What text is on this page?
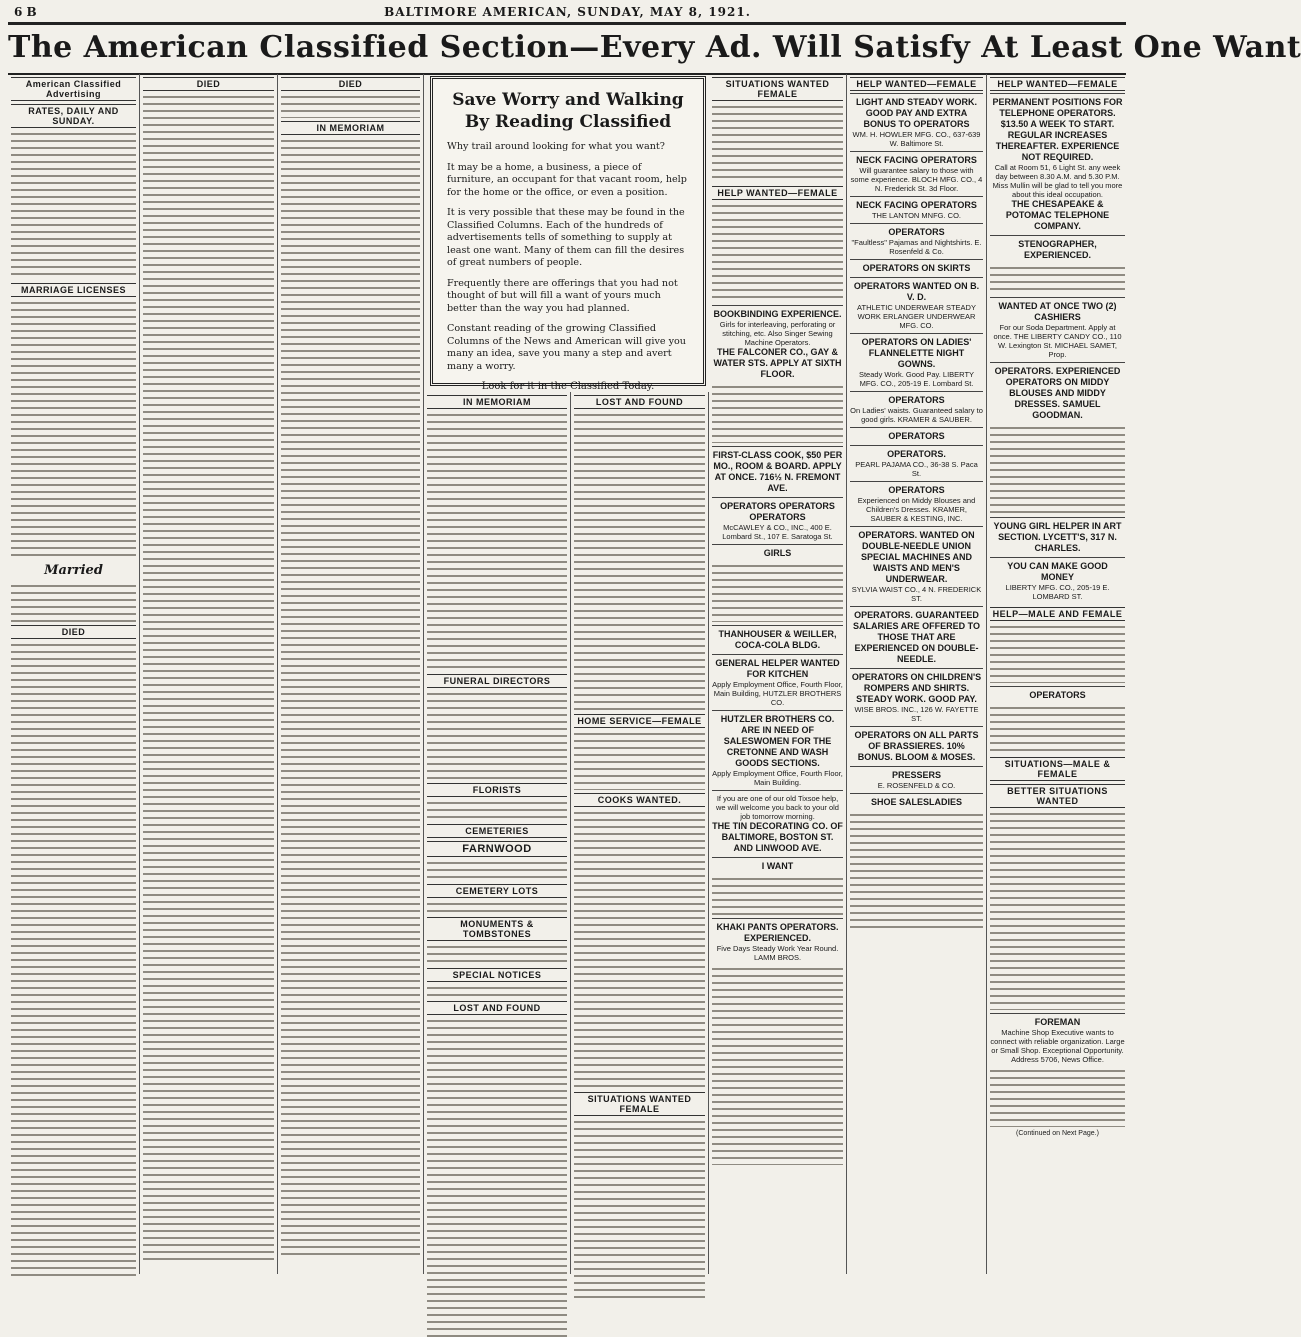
6 B	BALTIMORE AMERICAN, SUNDAY, MAY 8, 1921.
The American Classified Section—Every Ad. Will Satisfy At Least One Want
American Classified Advertising
RATES, DAILY AND SUNDAY.
MARRIAGE LICENSES
Married
DIED
DIED	DIED
IN MEMORIAM
Save Worry and Walking By Reading Classified

Why trail around looking for what you want?

It may be a home, a business, a piece of furniture, an occupant for that vacant room, help for the home or the office, or even a position.

It is very possible that these may be found in the Classified Columns. Each of the hundreds of advertisements tells of something to supply at least one want. Many of them can fill the desires of great numbers of people.

Frequently there are offerings that you had not thought of but will fill a want of yours much better than the way you had planned.

Constant reading of the growing Classified Columns of the News and American will give you many an idea, save you many a step and avert many a worry.

Look for it in the Classified Today.

IN MEMORIAM
FUNERAL DIRECTORS
FLORISTS
CEMETERIES
FARNWOOD
CEMETERY LOTS
MONUMENTS & TOMBSTONES
SPECIAL NOTICES
LOST AND FOUND
LOST AND FOUND
HOME SERVICE—FEMALE
COOKS WANTED.
SITUATIONS WANTED FEMALE
SITUATIONS WANTED FEMALE
HELP WANTED—FEMALE
BOOKBINDING EXPERIENCE.
Girls for interleaving, perforating or stitching, etc. Also Singer Sewing Machine Operators.
THE FALCONER CO., GAY & WATER STS. APPLY AT SIXTH FLOOR.
FIRST-CLASS COOK, $50 PER MO., ROOM & BOARD. APPLY AT ONCE. 716½ N. FREMONT AVE.
OPERATORS OPERATORS OPERATORS
McCAWLEY & CO., INC., 400 E. Lombard St., 107 E. Saratoga St.
GIRLS
THANHOUSER & WEILLER, COCA-COLA BLDG.
GENERAL HELPER WANTED FOR KITCHEN
Apply Employment Office, Fourth Floor, Main Building, HUTZLER BROTHERS CO.
HUTZLER BROTHERS CO. ARE IN NEED OF SALESWOMEN FOR THE CRETONNE AND WASH GOODS SECTIONS.
Apply Employment Office, Fourth Floor, Main Building.
If you are one of our old Tixsoe help, we will welcome you back to your old job tomorrow morning.
THE TIN DECORATING CO. OF BALTIMORE, BOSTON ST. AND LINWOOD AVE.
I WANT
KHAKI PANTS OPERATORS. EXPERIENCED.
Five Days Steady Work Year Round. LAMM BROS.
HELP WANTED—FEMALE
LIGHT AND STEADY WORK. GOOD PAY AND EXTRA BONUS TO OPERATORS
WM. H. HOWLER MFG. CO., 637-639 W. Baltimore St.
NECK FACING OPERATORS
Will guarantee salary to those with some experience. BLOCH MFG. CO., 4 N. Frederick St. 3d Floor.
NECK FACING OPERATORS
THE LANTON MNFG. CO.
OPERATORS
"Faultless" Pajamas and Nightshirts. E. Rosenfeld & Co.
OPERATORS ON SKIRTS
OPERATORS WANTED ON B. V. D.
ATHLETIC UNDERWEAR STEADY WORK ERLANGER UNDERWEAR MFG. CO.
OPERATORS ON LADIES' FLANNELETTE NIGHT GOWNS.
Steady Work. Good Pay. LIBERTY MFG. CO., 205-19 E. Lombard St.
OPERATORS
On Ladies' waists. Guaranteed salary to good girls. KRAMER & SAUBER.
OPERATORS
OPERATORS.
PEARL PAJAMA CO., 36-38 S. Paca St.
OPERATORS
Experienced on Middy Blouses and Children's Dresses. KRAMER, SAUBER & KESTING, INC.
OPERATORS. WANTED ON DOUBLE-NEEDLE UNION SPECIAL MACHINES AND WAISTS AND MEN'S UNDERWEAR.
SYLVIA WAIST CO., 4 N. FREDERICK ST.
OPERATORS. GUARANTEED SALARIES ARE OFFERED TO THOSE THAT ARE EXPERIENCED ON DOUBLE-NEEDLE.
OPERATORS ON CHILDREN'S ROMPERS AND SHIRTS. STEADY WORK. GOOD PAY.
WISE BROS. INC., 126 W. FAYETTE ST.
OPERATORS ON ALL PARTS OF BRASSIERES. 10% BONUS. BLOOM & MOSES.
PRESSERS
E. ROSENFELD & CO.
SHOE SALESLADIES
HELP WANTED—FEMALE
PERMANENT POSITIONS FOR TELEPHONE OPERATORS. $13.50 A WEEK TO START. REGULAR INCREASES THEREAFTER. EXPERIENCE NOT REQUIRED.
Call at Room 51, 6 Light St. any week day between 8.30 A.M. and 5.30 P.M. Miss Mullin will be glad to tell you more about this ideal occupation.
THE CHESAPEAKE & POTOMAC TELEPHONE COMPANY.
STENOGRAPHER, EXPERIENCED.
WANTED AT ONCE TWO (2) CASHIERS
For our Soda Department. Apply at once. THE LIBERTY CANDY CO., 110 W. Lexington St. MICHAEL SAMET, Prop.
OPERATORS. EXPERIENCED OPERATORS ON MIDDY BLOUSES AND MIDDY DRESSES. SAMUEL GOODMAN.
YOUNG GIRL HELPER IN ART SECTION. LYCETT'S, 317 N. CHARLES.
YOU CAN MAKE GOOD MONEY
LIBERTY MFG. CO., 205-19 E. LOMBARD ST.
HELP—MALE AND FEMALE
OPERATORS
SITUATIONS—MALE & FEMALE
BETTER SITUATIONS WANTED
FOREMAN
Machine Shop Executive wants to connect with reliable organization. Large or Small Shop. Exceptional Opportunity. Address 5706, News Office.
(Continued on Next Page.)
